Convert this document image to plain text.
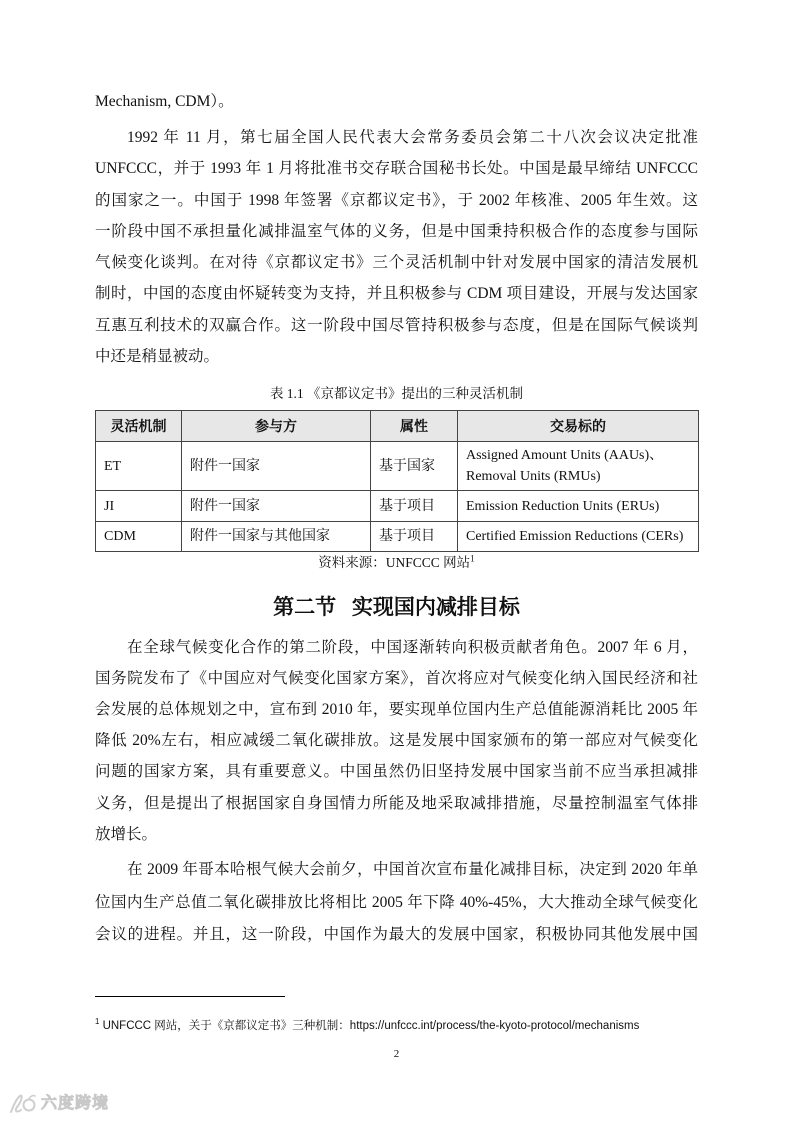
Mechanism, CDM）。

1992 年 11 月，第七届全国人民代表大会常务委员会第二十八次会议决定批准
UNFCCC，并于 1993 年 1 月将批准书交存联合国秘书长处。中国是最早缔结 UNFCCC
的国家之一。中国于 1998 年签署《京都议定书》，于 2002 年核准、2005 年生效。这
一阶段中国不承担量化减排温室气体的义务，但是中国秉持积极合作的态度参与国际
气候变化谈判。在对待《京都议定书》三个灵活机制中针对发展中国家的清洁发展机
制时，中国的态度由怀疑转变为支持，并且积极参与 CDM 项目建设，开展与发达国家
互惠互利技术的双赢合作。这一阶段中国尽管持积极参与态度，但是在国际气候谈判
中还是稍显被动。
表 1.1 《京都议定书》提出的三种灵活机制
灵活机制	参与方	属性	交易标的
ET	附件一国家	基于国家	Assigned Amount Units (AAUs)、
Removal Units (RMUs)

JI	附件一国家	基于项目	Emission Reduction Units (ERUs)

CDM	附件一国家与其他国家	基于项目	Certified Emission Reductions (CERs)
资料来源：UNFCCC 网站$^1$
第二节 实现国内减排目标
在全球气候变化合作的第二阶段，中国逐渐转向积极贡献者角色。2007 年 6 月，
国务院发布了《中国应对气候变化国家方案》，首次将应对气候变化纳入国民经济和社
会发展的总体规划之中，宣布到 2010 年，要实现单位国内生产总值能源消耗比 2005 年
降低 20%左右，相应减缓二氧化碳排放。这是发展中国家颁布的第一部应对气候变化
问题的国家方案，具有重要意义。中国虽然仍旧坚持发展中国家当前不应当承担减排
义务，但是提出了根据国家自身国情力所能及地采取减排措施，尽量控制温室气体排
放增长。
在 2009 年哥本哈根气候大会前夕，中国首次宣布量化减排目标，决定到 2020 年单
位国内生产总值二氧化碳排放比将相比 2005 年下降 40%-45%，大大推动全球气候变化
会议的进程。并且，这一阶段，中国作为最大的发展中国家，积极协同其他发展中国
$^1$ UNFCCC 网站，关于《京都议定书》三种机制：https://unfccc.int/process/the-kyoto-protocol/mechanisms
2
六度跨境
